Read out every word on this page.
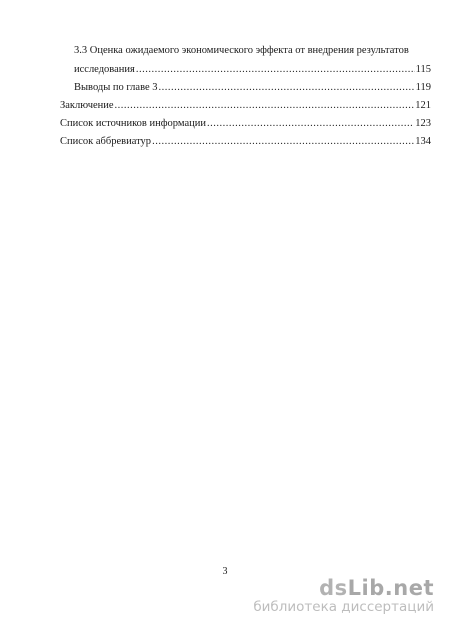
3.3 Оценка ожидаемого экономического эффекта от внедрения результатов
исследования .....	115
Выводы по главе 3 .....	119
Заключение .....	121
Список источников информации .....	123
Список аббревиатур .....	134
3
dsLib.net
библиотека диссертаций
